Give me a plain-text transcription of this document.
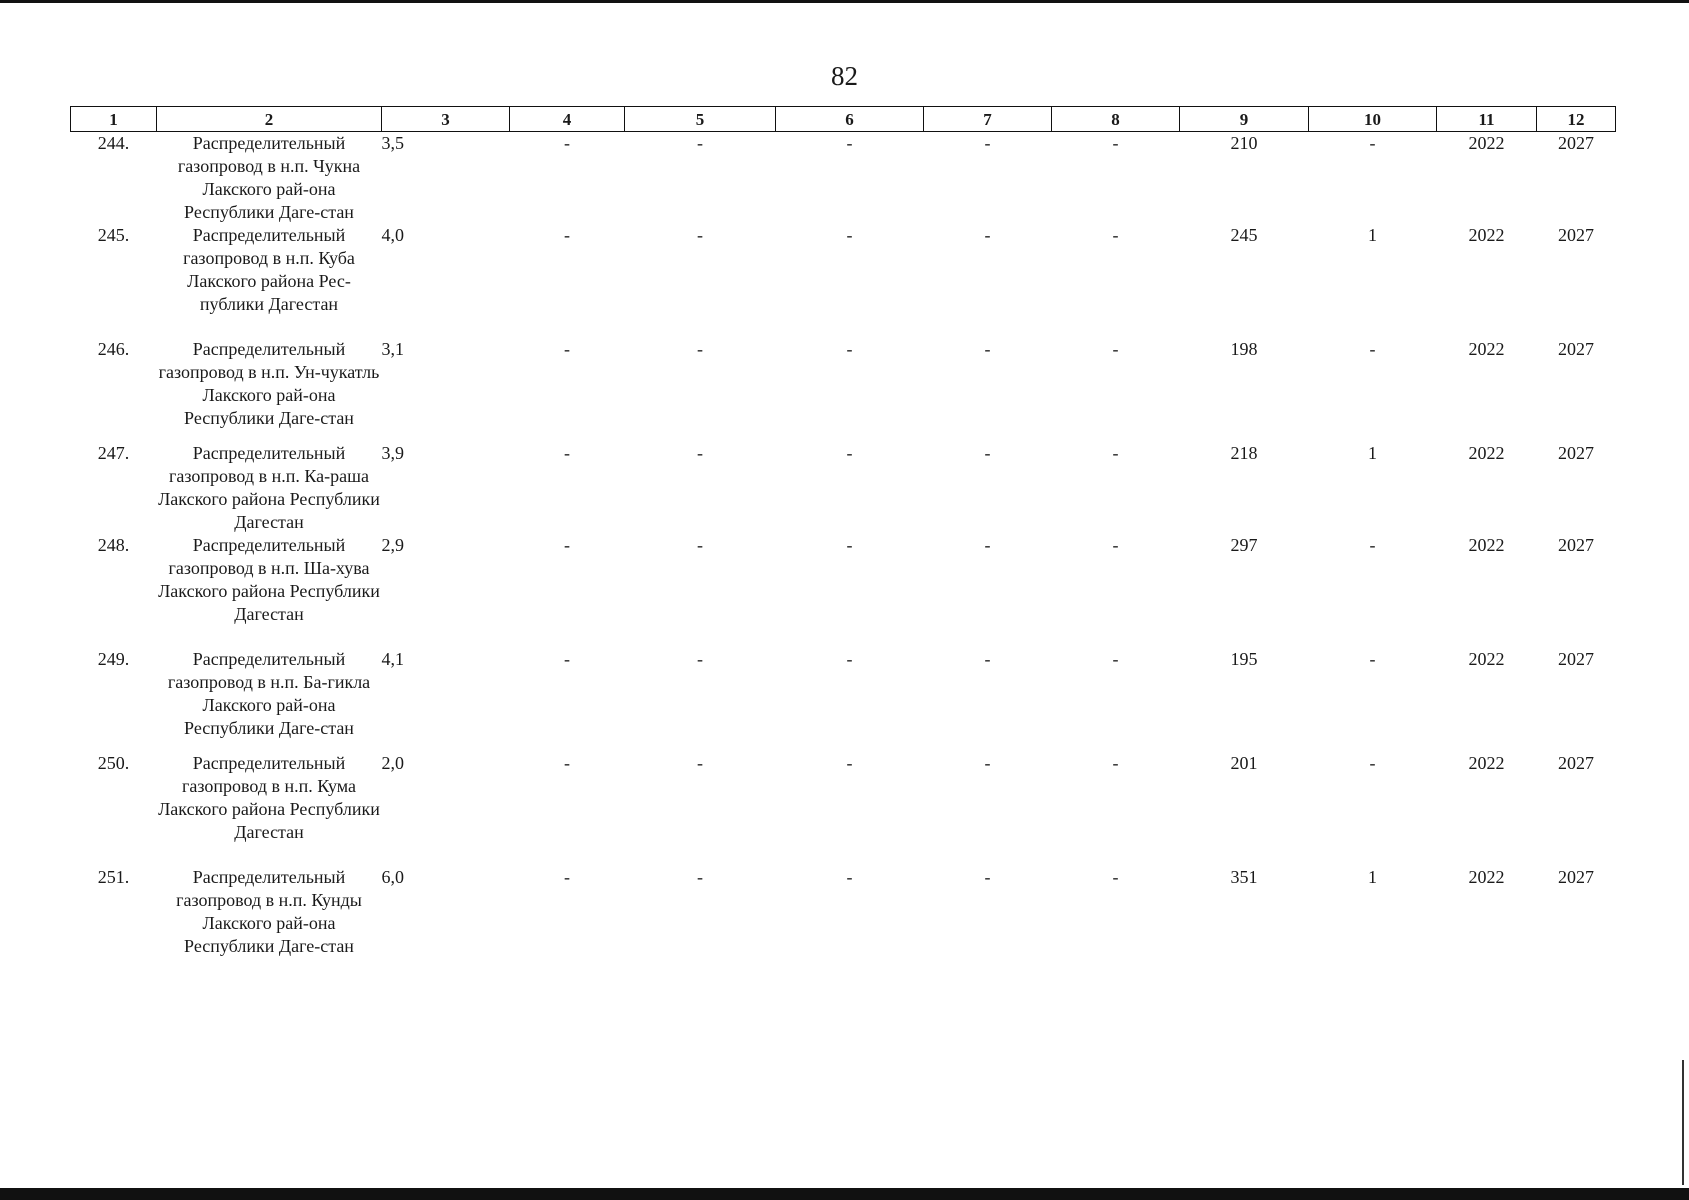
82
1	2	3	4	5	6	7	8	9	10	11	12
244.	Распределительный газопровод в н.п. Чукна Лакского рай-она Республики Даге-стан	3,5	-	-	-	-	-	210	-	2022	2027
245.	Распределительный газопровод в н.п. Куба Лакского района Рес-публики Дагестан	4,0	-	-	-	-	-	245	1	2022	2027
246.	Распределительный газопровод в н.п. Ун-чукатль Лакского рай-она Республики Даге-стан	3,1	-	-	-	-	-	198	-	2022	2027
247.	Распределительный газопровод в н.п. Ка-раша Лакского района Республики Дагестан	3,9	-	-	-	-	-	218	1	2022	2027
248.	Распределительный газопровод в н.п. Ша-хува Лакского района Республики Дагестан	2,9	-	-	-	-	-	297	-	2022	2027
249.	Распределительный газопровод в н.п. Ба-гикла Лакского рай-она Республики Даге-стан	4,1	-	-	-	-	-	195	-	2022	2027
250.	Распределительный газопровод в н.п. Кума Лакского района Республики Дагестан	2,0	-	-	-	-	-	201	-	2022	2027
251.	Распределительный газопровод в н.п. Кунды Лакского рай-она Республики Даге-стан	6,0	-	-	-	-	-	351	1	2022	2027
